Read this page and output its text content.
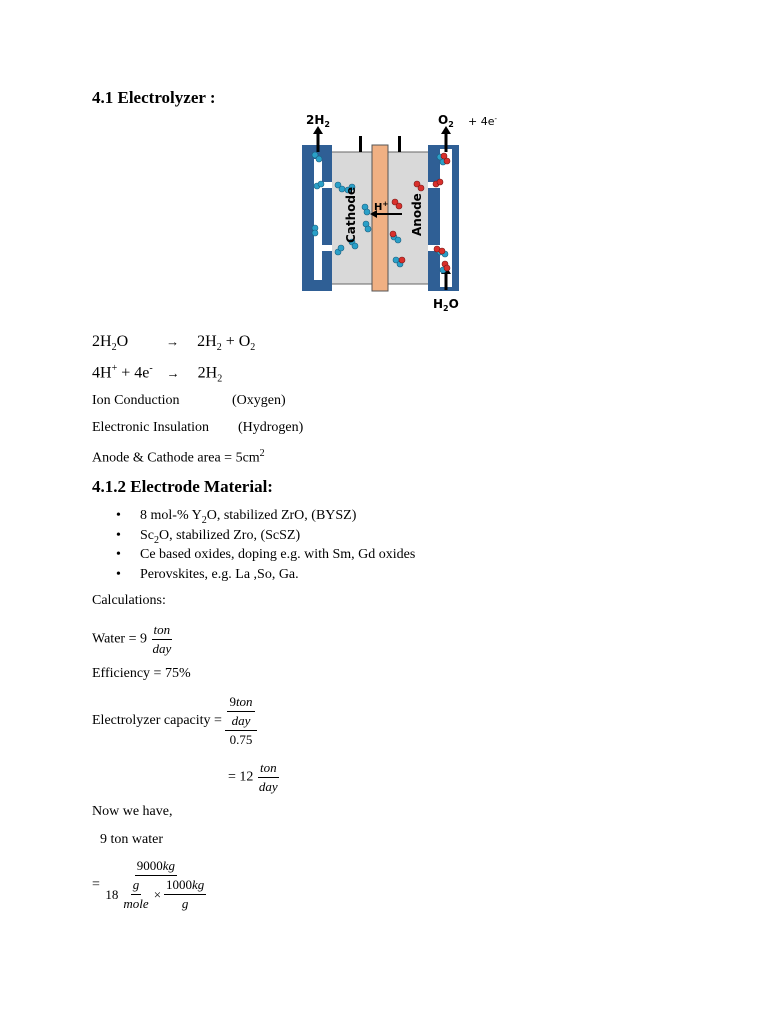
4.1 Electrolyzer :
$2H_2$	$O_2 + 4e^-$
$H_2O$
Cathode	Anode
H+
$2H_2O$	→ $2H_2 + O_2$
$4H^+ + 4e^- \to 2H_2$
Ion Conduction	(Oxygen)
Electronic Insulation (Hydrogen)
Anode & Cathode area = $5cm^2$
4.1.2 Electrode Material:
• 8 mol-% $Y_2O$, stabilized ZrO, (BYSZ)
• $Sc_2O$, stabilized Zro, (ScSZ)
• Ce based oxides, doping e.g. with Sm, Gd oxides
• Perovskites, e.g. La ,So, Ga.
Calculations:
Water = $9 \frac{\text{ton}}{\text{day}}$
Efficiency = 75%
Electrolyzer capacity = $\frac{\frac{\text{9ton}}{\text{day}}}{0.75}$
= $12 \frac{\text{ton}}{\text{day}}$
Now we have,
9 ton water
= $\frac{9000kg}{18 \frac{g}{\text{mole}} \times \frac{1000kg}{g}}$
